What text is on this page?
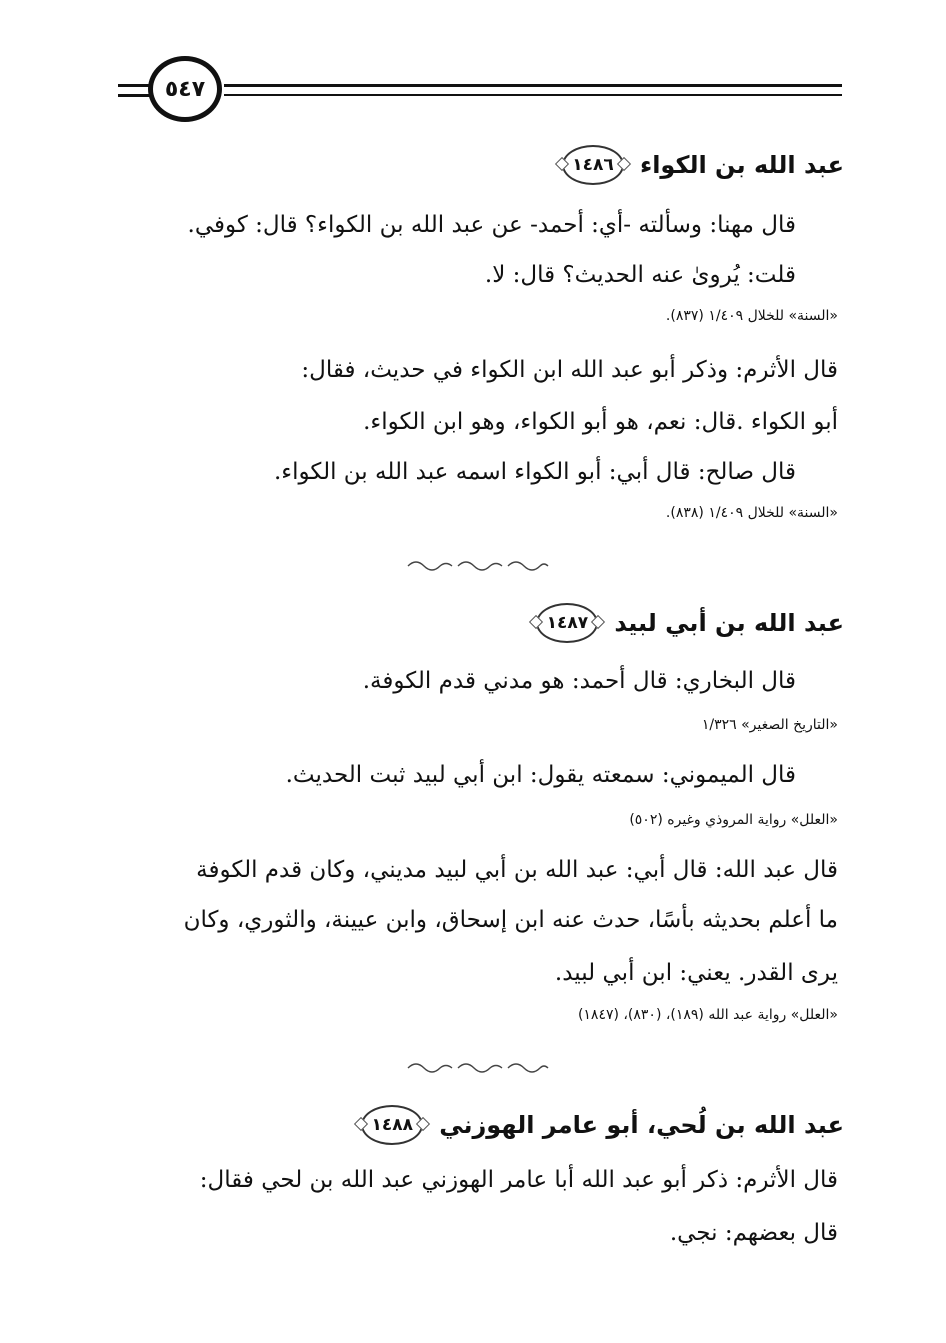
٥٤٧
١٤٨٦	عبد الله بن الكواء
قال مهنا: وسألته -أي: أحمد- عن عبد الله بن الكواء؟ قال: كوفي.
قلت: يُروىٰ عنه الحديث؟ قال: لا.
«السنة» للخلال ١/٤٠٩ (٨٣٧).
قال الأثرم: وذكر أبو عبد الله ابن الكواء في حديث، فقال:
أبو الكواء .قال: نعم، هو أبو الكواء، وهو ابن الكواء.
قال صالح: قال أبي: أبو الكواء اسمه عبد الله بن الكواء.
«السنة» للخلال ١/٤٠٩ (٨٣٨).
١٤٨٧	عبد الله بن أبي لبيد
قال البخاري: قال أحمد: هو مدني قدم الكوفة.
«التاريخ الصغير» ١/٣٢٦
قال الميموني: سمعته يقول: ابن أبي لبيد ثبت الحديث.
«العلل» رواية المروذي وغيره (٥٠٢)
قال عبد الله: قال أبي: عبد الله بن أبي لبيد مديني، وكان قدم الكوفة
ما أعلم بحديثه بأسًا، حدث عنه ابن إسحاق، وابن عيينة، والثوري، وكان
يرى القدر. يعني: ابن أبي لبيد.
«العلل» رواية عبد الله (١٨٩)، (٨٣٠)، (١٨٤٧)
١٤٨٨	عبد الله بن لُحي، أبو عامر الهوزني
قال الأثرم: ذكر أبو عبد الله أبا عامر الهوزني عبد الله بن لحي فقال:
قال بعضهم: نجي.
